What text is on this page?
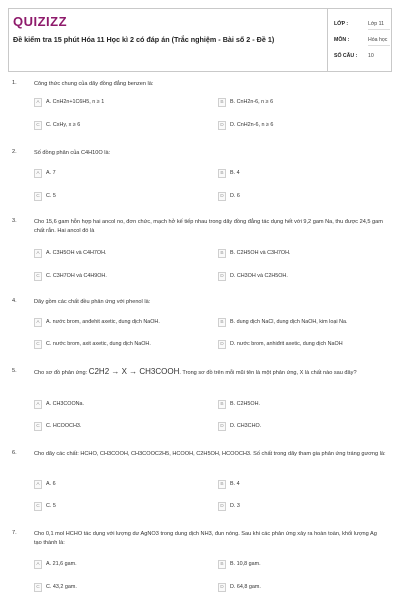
QUIZIZZ
Đề kiểm tra 15 phút Hóa 11 Học kì 2 có đáp án (Trắc nghiệm - Bài số 2 - Đề 1)
LỚP :	Lớp 11
MÔN :	Hóa học
SỐ CÂU : 10
1.	Công thức chung của dãy đồng đẳng benzen là:
A	A. CnH2n+1C6H5, n ≥ 1	B	B. CnH2n-6, n ≥ 6
C	C. CxHy, x ≥ 6	D	D. CnH2n-6, n ≥ 6
2.	Số đồng phân của C4H10O là:
A	A. 7	B	B. 4
C	C. 5	D	D. 6
3.	Cho 15,6 gam hỗn hợp hai ancol no, đơn chức, mạch hở kế tiếp nhau trong dãy đồng đẳng tác dụng hết với 9,2 gam Na, thu được 24,5 gam chất rắn. Hai ancol đó là
A	A. C3H5OH và C4H7OH.	B	B. C2H5OH và C3H7OH.
C	C. C3H7OH và C4H9OH.	D	D. CH3OH và C2H5OH.
4.	Dãy gồm các chất đều phản ứng với phenol là:
A	A. nước brom, anđehit axetic, dung dịch NaOH.	B	B. dung dịch NaCl, dung dịch NaOH, kim loại Na.
C	C. nước brom, axit axetic, dung dịch NaOH.	D	D. nước brom, anhiđrit axetic, dung dịch NaOH
5.	Cho sơ đồ phản ứng: C2H2 → X → CH3COOH. Trong sơ đồ trên mỗi mũi tên là một phản ứng, X là chất nào sau đây?
A	A. CH3COONa.	B	B. C2H5OH.
C	C. HCOOCH3.	D	D. CH3CHO.
6.	Cho dãy các chất: HCHO, CH3COOH, CH3COOC2H5, HCOOH, C2H5OH, HCOOCH3. Số chất trong dãy tham gia phản ứng tráng gương là:
A	A. 6	B	B. 4
C	C. 5	D	D. 3
7.	Cho 0,1 mol HCHO tác dụng với lượng dư AgNO3 trong dung dịch NH3, đun nóng. Sau khi các phản ứng xảy ra hoàn toàn, khối lượng Ag tạo thành là:
A	A. 21,6 gam.	B	B. 10,8 gam.
C	C. 43,2 gam.	D	D. 64,8 gam.
